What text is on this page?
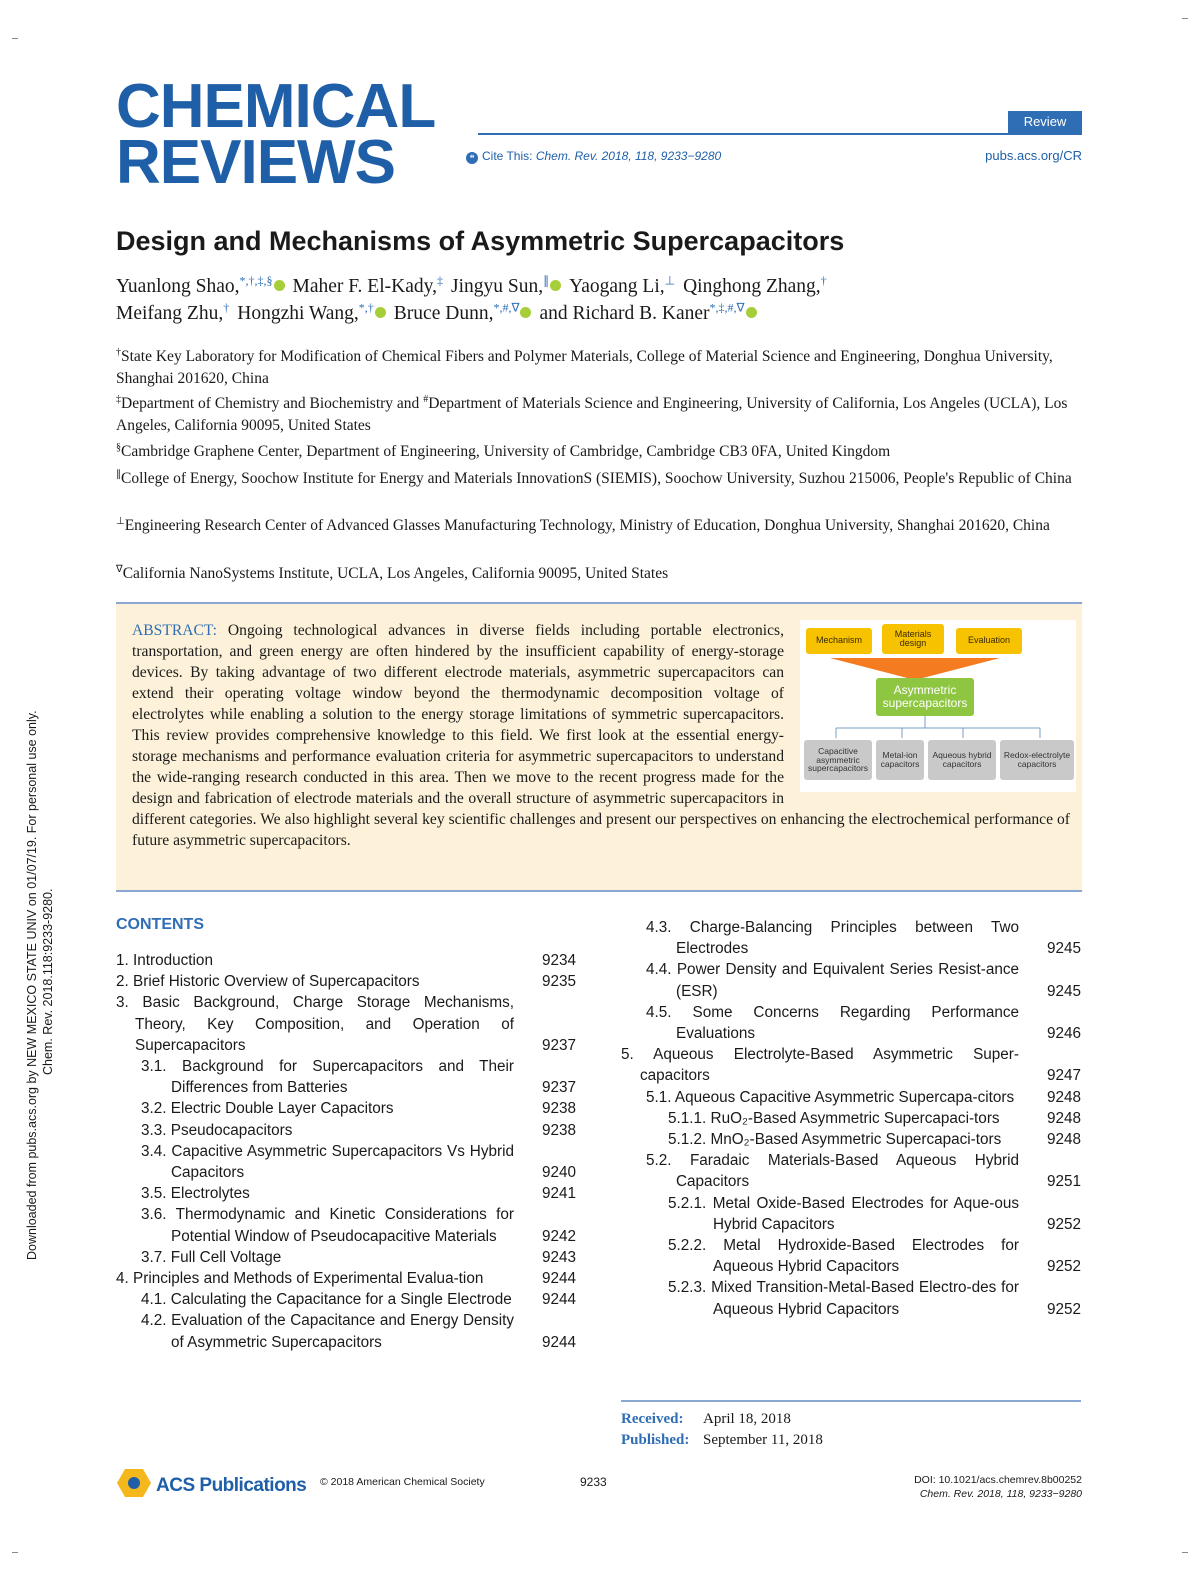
Downloaded from pubs.acs.org by NEW MEXICO STATE UNIV on 01/07/19. For personal use only. Chem. Rev. 2018.118:9233-9280.
CHEMICAL
REVIEWS
Review
❝ Cite This: Chem. Rev. 2018, 118, 9233−9280	pubs.acs.org/CR
Design and Mechanisms of Asymmetric Supercapacitors
Yuanlong Shao,*,†,‡,§ Maher F. El-Kady,‡ Jingyu Sun,∥ Yaogang Li,⊥ Qinghong Zhang,†
Meifang Zhu,† Hongzhi Wang,*,† Bruce Dunn,*,#,∇ and Richard B. Kaner*,‡,#,∇
†State Key Laboratory for Modification of Chemical Fibers and Polymer Materials, College of Material Science and Engineering, Donghua University, Shanghai 201620, China
‡Department of Chemistry and Biochemistry and #Department of Materials Science and Engineering, University of California, Los Angeles (UCLA), Los Angeles, California 90095, United States
§Cambridge Graphene Center, Department of Engineering, University of Cambridge, Cambridge CB3 0FA, United Kingdom
∥College of Energy, Soochow Institute for Energy and Materials InnovationS (SIEMIS), Soochow University, Suzhou 215006, People's Republic of China
⊥Engineering Research Center of Advanced Glasses Manufacturing Technology, Ministry of Education, Donghua University, Shanghai 201620, China
∇California NanoSystems Institute, UCLA, Los Angeles, California 90095, United States
Mechanism
Materials design	Evaluation
Asymmetric supercapacitors
Capacitive asymmetric supercapacitors
Metal-ion capacitors
Aqueous hybrid capacitors
Redox-electrolyte capacitors
ABSTRACT: Ongoing technological advances in diverse fields including portable electronics, transportation, and green energy are often hindered by the insufficient capability of energy-storage devices. By taking advantage of two different electrode materials, asymmetric supercapacitors can extend their operating voltage window beyond the thermodynamic decomposition voltage of electrolytes while enabling a solution to the energy storage limitations of symmetric supercapacitors. This review provides comprehensive knowledge to this field. We first look at the essential energy-storage mechanisms and performance evaluation criteria for asymmetric supercapacitors to understand the wide-ranging research conducted in this area. Then we move to the recent progress made for the design and fabrication of electrode materials and the overall structure of asymmetric supercapacitors in different categories. We also highlight several key scientific challenges and present our perspectives on enhancing the electrochemical performance of future asymmetric supercapacitors.
CONTENTS
1. Introduction	9234
2. Brief Historic Overview of Supercapacitors	9235
3. Basic Background, Charge Storage Mechanisms, Theory, Key Composition, and Operation of Supercapacitors	9237
3.1. Background for Supercapacitors and Their Differences from Batteries	9237
3.2. Electric Double Layer Capacitors	9238
3.3. Pseudocapacitors	9238
3.4. Capacitive Asymmetric Supercapacitors Vs Hybrid Capacitors	9240
3.5. Electrolytes	9241
3.6. Thermodynamic and Kinetic Considerations for Potential Window of Pseudocapacitive Materials	9242
3.7. Full Cell Voltage	9243
4. Principles and Methods of Experimental Evalua-tion	9244
4.1. Calculating the Capacitance for a Single Electrode	9244
4.2. Evaluation of the Capacitance and Energy Density of Asymmetric Supercapacitors	9244
4.3. Charge-Balancing Principles between Two Electrodes	9245
4.4. Power Density and Equivalent Series Resist-ance (ESR)	9245
4.5. Some Concerns Regarding Performance Evaluations	9246
5. Aqueous Electrolyte-Based Asymmetric Super-capacitors	9247
5.1. Aqueous Capacitive Asymmetric Supercapa-citors	9248
5.1.1. RuO₂-Based Asymmetric Supercapaci-tors	9248
5.1.2. MnO₂-Based Asymmetric Supercapaci-tors	9248
5.2. Faradaic Materials-Based Aqueous Hybrid Capacitors	9251
5.2.1. Metal Oxide-Based Electrodes for Aque-ous Hybrid Capacitors	9252
5.2.2. Metal Hydroxide-Based Electrodes for Aqueous Hybrid Capacitors	9252
5.2.3. Mixed Transition-Metal-Based Electro-des for Aqueous Hybrid Capacitors	9252
Received: April 18, 2018
Published: September 11, 2018
ACS Publications © 2018 American Chemical Society	9233	DOI: 10.1021/acs.chemrev.8b00252
Chem. Rev. 2018, 118, 9233−9280
